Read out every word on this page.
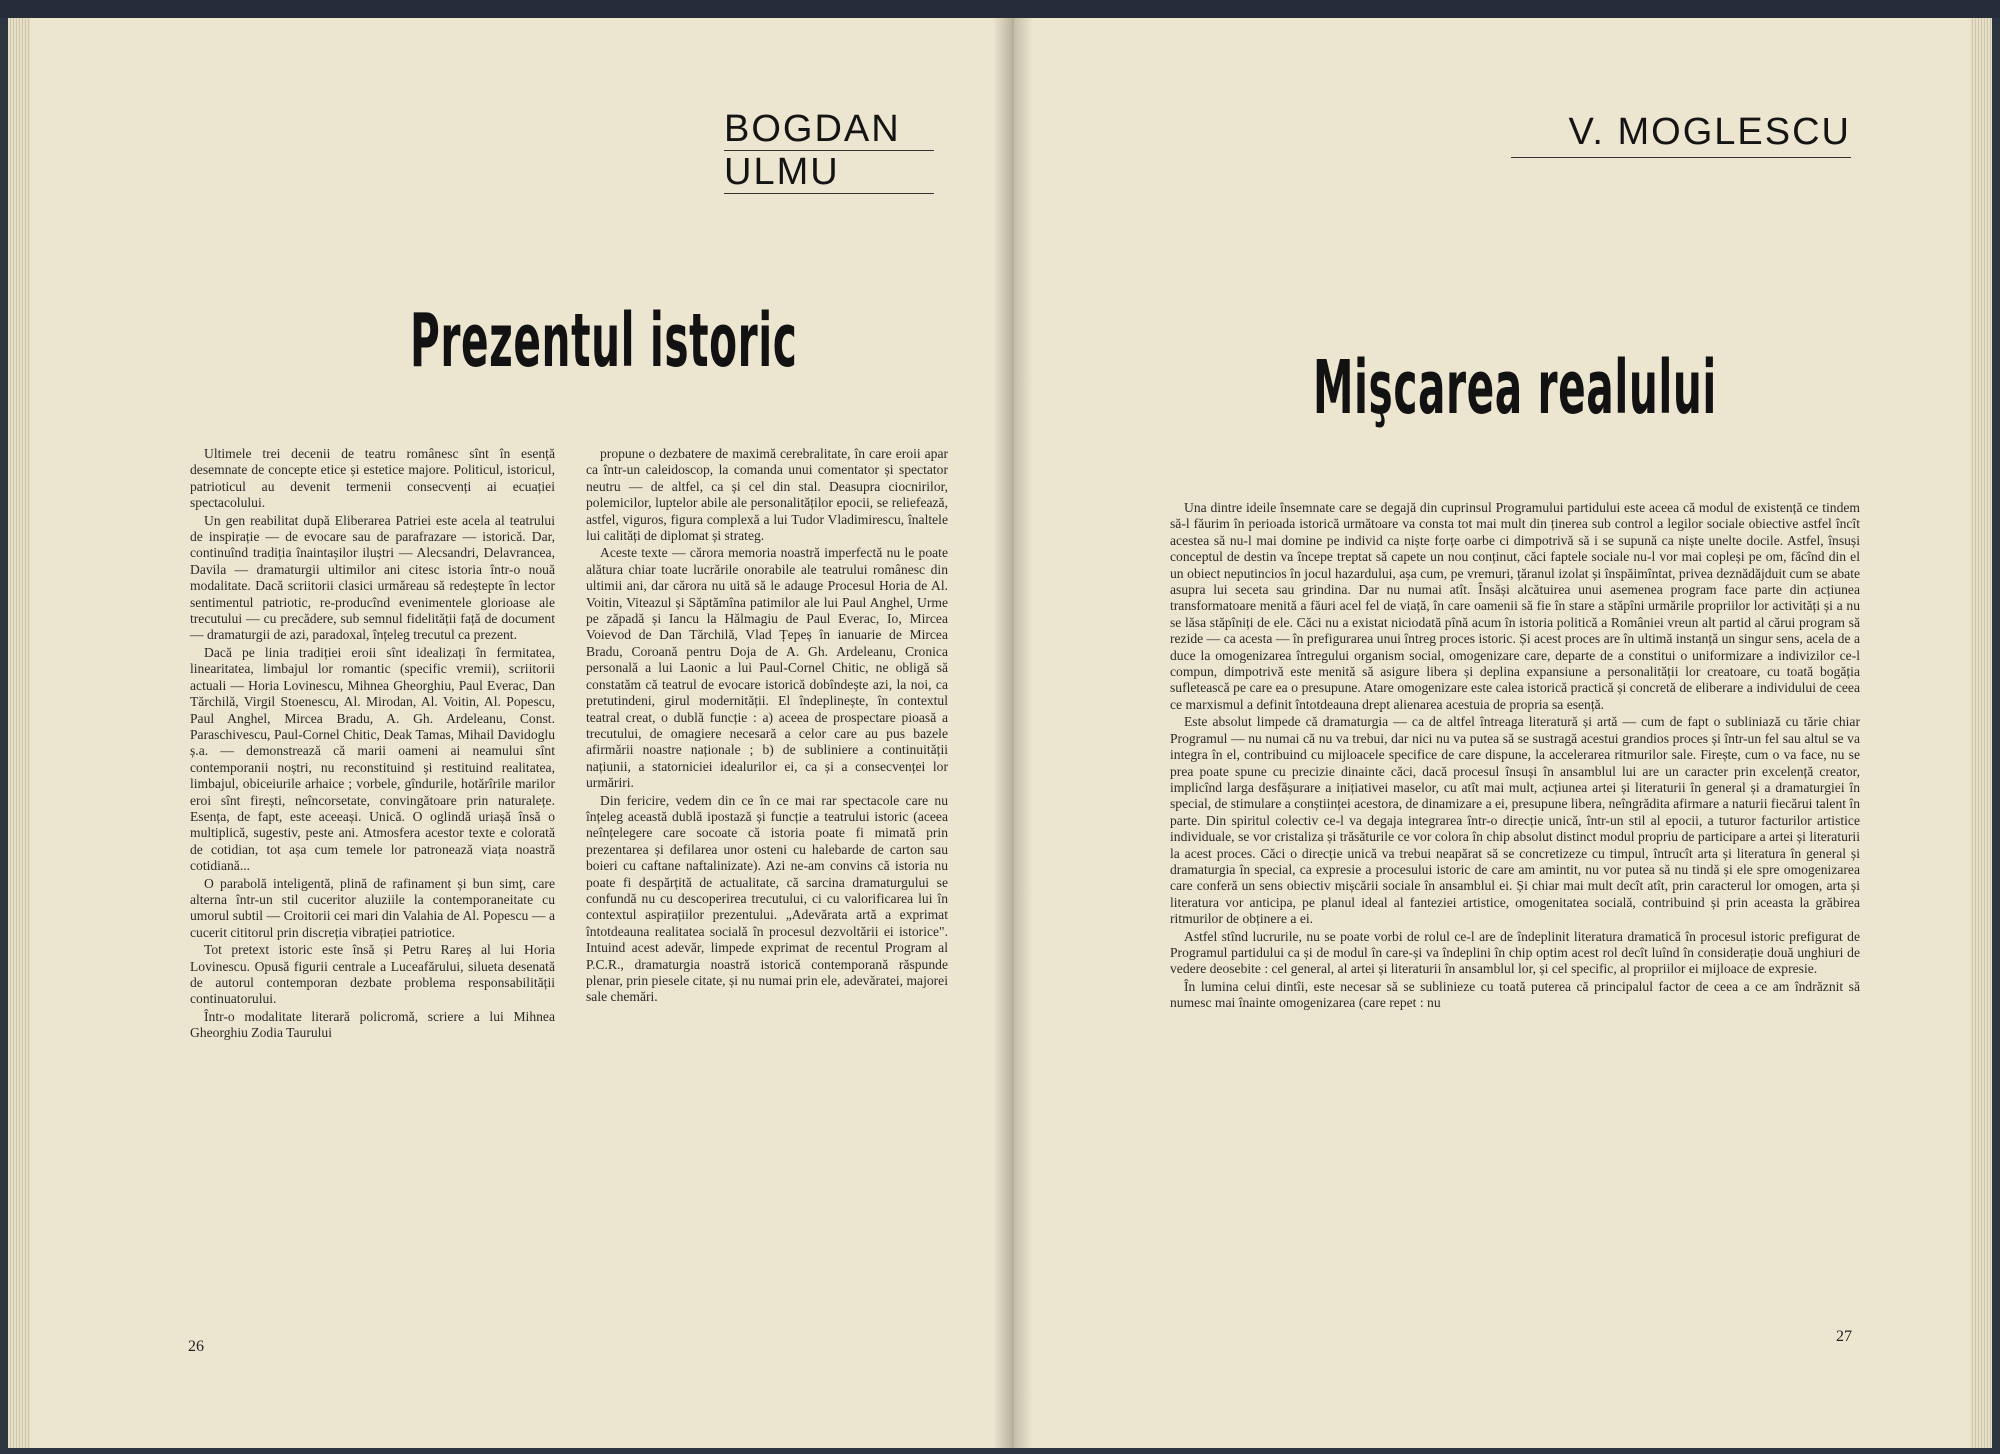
BOGDAN
ULMU
Prezentul istoric

Ultimele trei decenii de teatru românesc sînt în esență desemnate de concepte etice și estetice majore. Politicul, istoricul, patrioticul au devenit termenii consecvenți ai ecuației spectacolului.

Un gen reabilitat după Eliberarea Patriei este acela al teatrului de inspirație — de evocare sau de parafrazare — istorică. Dar, continuînd tradiția înaintașilor iluștri — Alecsandri, Delavrancea, Davila — dramaturgii ultimilor ani citesc istoria într-o nouă modalitate. Dacă scriitorii clasici urmăreau să redeștepte în lector sentimentul patriotic, re-producînd evenimentele glorioase ale trecutului — cu precădere, sub semnul fidelității față de document — dramaturgii de azi, paradoxal, înțeleg trecutul ca prezent.

Dacă pe linia tradiției eroii sînt idealizați în fermitatea, linearitatea, limbajul lor romantic (specific vremii), scriitorii actuali — Horia Lovinescu, Mihnea Gheorghiu, Paul Everac, Dan Tărchilă, Virgil Stoenescu, Al. Mirodan, Al. Voitin, Al. Popescu, Paul Anghel, Mircea Bradu, A. Gh. Ardeleanu, Const. Paraschivescu, Paul-Cornel Chitic, Deak Tamas, Mihail Davidoglu ș.a. — demonstrează că marii oameni ai neamului sînt contemporanii noștri, nu reconstituind și restituind realitatea, limbajul, obiceiurile arhaice ; vorbele, gîndurile, hotărîrile marilor eroi sînt firești, neîncorsetate, convingătoare prin naturalețe. Esența, de fapt, este aceeași. Unică. O oglindă uriașă însă o multiplică, sugestiv, peste ani. Atmosfera acestor texte e colorată de cotidian, tot așa cum temele lor patronează viața noastră cotidiană...

O parabolă inteligentă, plină de rafinament și bun simț, care alterna într-un stil cuceritor aluziile la contemporaneitate cu umorul subtil — Croitorii cei mari din Valahia de Al. Popescu — a cucerit cititorul prin discreția vibrației patriotice.

Tot pretext istoric este însă și Petru Rareș al lui Horia Lovinescu. Opusă figurii centrale a Luceafărului, silueta desenată de autorul contemporan dezbate problema responsabilității continuatorului.

Într-o modalitate literară policromă, scriere a lui Mihnea Gheorghiu Zodia Taurului

propune o dezbatere de maximă cerebralitate, în care eroii apar ca într-un caleidoscop, la comanda unui comentator și spectator neutru — de altfel, ca și cel din stal. Deasupra ciocnirilor, polemicilor, luptelor abile ale personalităților epocii, se reliefează, astfel, viguros, figura complexă a lui Tudor Vladimirescu, înaltele lui calități de diplomat și strateg.

Aceste texte — cărora memoria noastră imperfectă nu le poate alătura chiar toate lucrările onorabile ale teatrului românesc din ultimii ani, dar cărora nu uită să le adauge Procesul Horia de Al. Voitin, Viteazul și Săptămîna patimilor ale lui Paul Anghel, Urme pe zăpadă și Iancu la Hălmagiu de Paul Everac, Io, Mircea Voievod de Dan Tărchilă, Vlad Țepeș în ianuarie de Mircea Bradu, Coroană pentru Doja de A. Gh. Ardeleanu, Cronica personală a lui Laonic a lui Paul-Cornel Chitic, ne obligă să constatăm că teatrul de evocare istorică dobîndește azi, la noi, ca pretutindeni, girul modernității. El îndeplinește, în contextul teatral creat, o dublă funcție : a) aceea de prospectare pioasă a trecutului, de omagiere necesară a celor care au pus bazele afirmării noastre naționale ; b) de subliniere a continuității națiunii, a statorniciei idealurilor ei, ca și a consecvenței lor urmăriri.

Din fericire, vedem din ce în ce mai rar spectacole care nu înțeleg această dublă ipostază și funcție a teatrului istoric (aceea neînțelegere care socoate că istoria poate fi mimată prin prezentarea și defilarea unor osteni cu halebarde de carton sau boieri cu caftane naftalinizate). Azi ne-am convins că istoria nu poate fi despărțită de actualitate, că sarcina dramaturgului se confundă nu cu descoperirea trecutului, ci cu valorificarea lui în contextul aspirațiilor prezentului. „Adevărata artă a exprimat întotdeauna realitatea socială în procesul dezvoltării ei istorice". Intuind acest adevăr, limpede exprimat de recentul Program al P.C.R., dramaturgia noastră istorică contemporană răspunde plenar, prin piesele citate, și nu numai prin ele, adevăratei, majorei sale chemări.

26
V. MOGLESCU
Mişcarea realului

Una dintre ideile însemnate care se degajă din cuprinsul Programului partidului este aceea că modul de existență ce tindem să-l făurim în perioada istorică următoare va consta tot mai mult din ținerea sub control a legilor sociale obiective astfel încît acestea să nu-l mai domine pe individ ca niște forțe oarbe ci dimpotrivă să i se supună ca niște unelte docile. Astfel, însuși conceptul de destin va începe treptat să capete un nou conținut, căci faptele sociale nu-l vor mai copleși pe om, făcînd din el un obiect neputincios în jocul hazardului, așa cum, pe vremuri, țăranul izolat și înspăimîntat, privea deznădăjduit cum se abate asupra lui seceta sau grindina. Dar nu numai atît. Însăși alcătuirea unui asemenea program face parte din acțiunea transformatoare menită a făuri acel fel de viață, în care oamenii să fie în stare a stăpîni urmările propriilor lor activități și a nu se lăsa stăpîniți de ele. Căci nu a existat niciodată pînă acum în istoria politică a României vreun alt partid al cărui program să rezide — ca acesta — în prefigurarea unui întreg proces istoric. Și acest proces are în ultimă instanță un singur sens, acela de a duce la omogenizarea întregului organism social, omogenizare care, departe de a constitui o uniformizare a indivizilor ce-l compun, dimpotrivă este menită să asigure libera și deplina expansiune a personalității lor creatoare, cu toată bogăția sufletească pe care ea o presupune. Atare omogenizare este calea istorică practică și concretă de eliberare a individului de ceea ce marxismul a definit întotdeauna drept alienarea acestuia de propria sa esență.

Este absolut limpede că dramaturgia — ca de altfel întreaga literatură și artă — cum de fapt o subliniază cu tărie chiar Programul — nu numai că nu va trebui, dar nici nu va putea să se sustragă acestui grandios proces și într-un fel sau altul se va integra în el, contribuind cu mijloacele specifice de care dispune, la accelerarea ritmurilor sale. Firește, cum o va face, nu se prea poate spune cu precizie dinainte căci, dacă procesul însuși în ansamblul lui are un caracter prin excelență creator, implicînd larga desfășurare a inițiativei maselor, cu atît mai mult, acțiunea artei și literaturii în general și a dramaturgiei în special, de stimulare a conștiinței acestora, de dinamizare a ei, presupune libera, neîngrădita afirmare a naturii fiecărui talent în parte. Din spiritul colectiv ce-l va degaja integrarea într-o direcție unică, într-un stil al epocii, a tuturor facturilor artistice individuale, se vor cristaliza și trăsăturile ce vor colora în chip absolut distinct modul propriu de participare a artei și literaturii la acest proces. Căci o direcție unică va trebui neapărat să se concretizeze cu timpul, întrucît arta și literatura în general și dramaturgia în special, ca expresie a procesului istoric de care am amintit, nu vor putea să nu tindă și ele spre omogenizarea care conferă un sens obiectiv mișcării sociale în ansamblul ei. Și chiar mai mult decît atît, prin caracterul lor omogen, arta și literatura vor anticipa, pe planul ideal al fanteziei artistice, omogenitatea socială, contribuind și prin aceasta la grăbirea ritmurilor de obținere a ei.

Astfel stînd lucrurile, nu se poate vorbi de rolul ce-l are de îndeplinit literatura dramatică în procesul istoric prefigurat de Programul partidului ca și de modul în care-și va îndeplini în chip optim acest rol decît luînd în considerație două unghiuri de vedere deosebite : cel general, al artei și literaturii în ansamblul lor, și cel specific, al propriilor ei mijloace de expresie.

În lumina celui dintîi, este necesar să se sublinieze cu toată puterea că principalul factor de ceea a ce am îndrăznit să numesc mai înainte omogenizarea (care repet : nu

27
